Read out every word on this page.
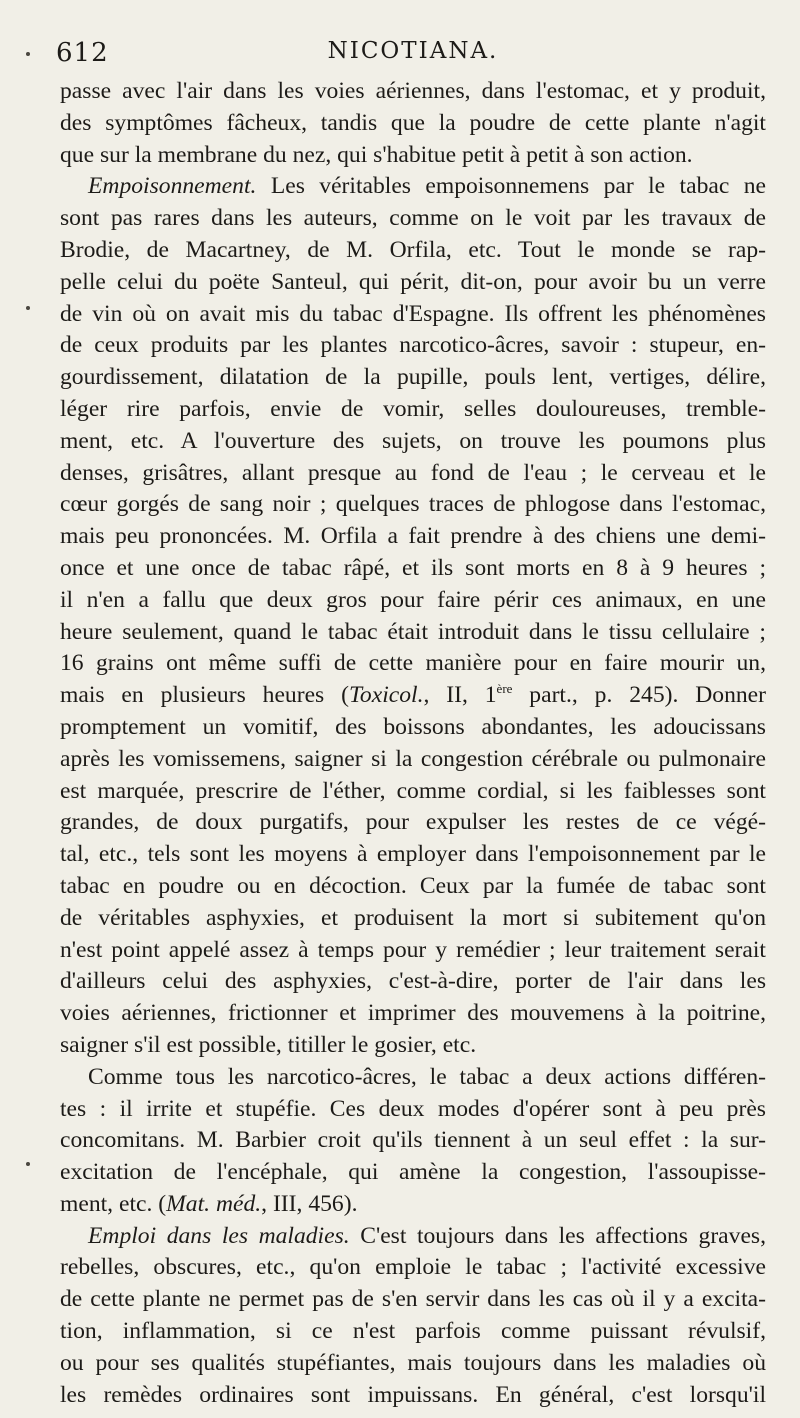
612	NICOTIANA.
passe avec l'air dans les voies aériennes, dans l'estomac, et y produit,
des symptômes fâcheux, tandis que la poudre de cette plante n'agit
que sur la membrane du nez, qui s'habitue petit à petit à son action.
Empoisonnement. Les véritables empoisonnemens par le tabac ne
sont pas rares dans les auteurs, comme on le voit par les travaux de
Brodie, de Macartney, de M. Orfila, etc. Tout le monde se rap-
pelle celui du poëte Santeul, qui périt, dit-on, pour avoir bu un verre
de vin où on avait mis du tabac d'Espagne. Ils offrent les phénomènes
de ceux produits par les plantes narcotico-âcres, savoir : stupeur, en-
gourdissement, dilatation de la pupille, pouls lent, vertiges, délire,
léger rire parfois, envie de vomir, selles douloureuses, tremble-
ment, etc. A l'ouverture des sujets, on trouve les poumons plus
denses, grisâtres, allant presque au fond de l'eau ; le cerveau et le
cœur gorgés de sang noir ; quelques traces de phlogose dans l'estomac,
mais peu prononcées. M. Orfila a fait prendre à des chiens une demi-
once et une once de tabac râpé, et ils sont morts en 8 à 9 heures ;
il n'en a fallu que deux gros pour faire périr ces animaux, en une
heure seulement, quand le tabac était introduit dans le tissu cellulaire ;
16 grains ont même suffi de cette manière pour en faire mourir un,
mais en plusieurs heures (Toxicol., II, 1ère part., p. 245). Donner
promptement un vomitif, des boissons abondantes, les adoucissans
après les vomissemens, saigner si la congestion cérébrale ou pulmonaire
est marquée, prescrire de l'éther, comme cordial, si les faiblesses sont
grandes, de doux purgatifs, pour expulser les restes de ce végé-
tal, etc., tels sont les moyens à employer dans l'empoisonnement par le
tabac en poudre ou en décoction. Ceux par la fumée de tabac sont
de véritables asphyxies, et produisent la mort si subitement qu'on
n'est point appelé assez à temps pour y remédier ; leur traitement serait
d'ailleurs celui des asphyxies, c'est-à-dire, porter de l'air dans les
voies aériennes, frictionner et imprimer des mouvemens à la poitrine,
saigner s'il est possible, titiller le gosier, etc.
Comme tous les narcotico-âcres, le tabac a deux actions différen-
tes : il irrite et stupéfie. Ces deux modes d'opérer sont à peu près
concomitans. M. Barbier croit qu'ils tiennent à un seul effet : la sur-
excitation de l'encéphale, qui amène la congestion, l'assoupisse-
ment, etc. (Mat. méd., III, 456).
Emploi dans les maladies. C'est toujours dans les affections graves,
rebelles, obscures, etc., qu'on emploie le tabac ; l'activité excessive
de cette plante ne permet pas de s'en servir dans les cas où il y a excita-
tion, inflammation, si ce n'est parfois comme puissant révulsif,
ou pour ses qualités stupéfiantes, mais toujours dans les maladies où
les remèdes ordinaires sont impuissans. En général, c'est lorsqu'il
